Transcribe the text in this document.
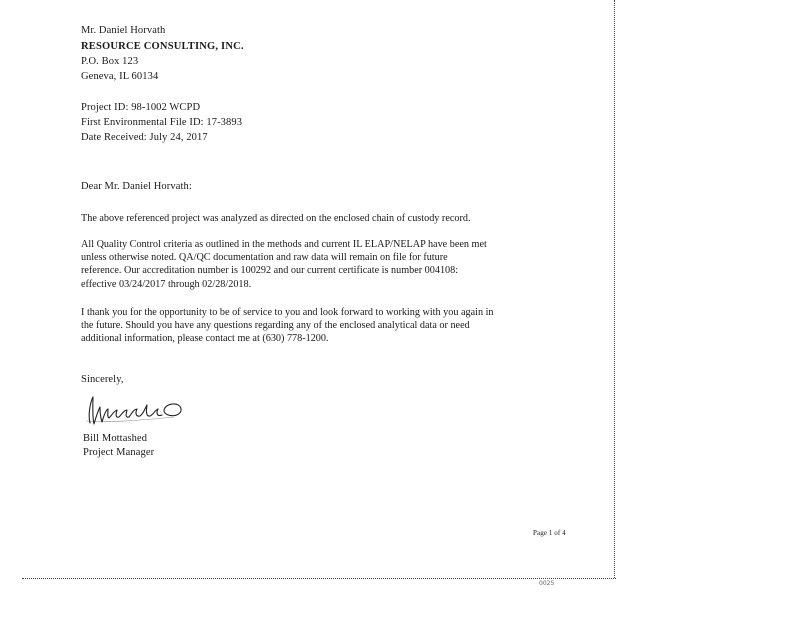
Mr. Daniel Horvath
RESOURCE CONSULTING, INC.
P.O. Box 123
Geneva, IL 60134
Project ID: 98-1002 WCPD
First Environmental File ID: 17-3893
Date Received: July 24, 2017
Dear Mr. Daniel Horvath:
The above referenced project was analyzed as directed on the enclosed chain of custody record.
All Quality Control criteria as outlined in the methods and current IL ELAP/NELAP have been met
unless otherwise noted. QA/QC documentation and raw data will remain on file for future
reference. Our accreditation number is 100292 and our current certificate is number 004108:
effective 03/24/2017 through 02/28/2018.
I thank you for the opportunity to be of service to you and look forward to working with you again in
the future. Should you have any questions regarding any of the enclosed analytical data or need
additional information, please contact me at (630) 778-1200.
Sincerely,
Bill Mottashed
Project Manager
Page 1 of 4
0025
